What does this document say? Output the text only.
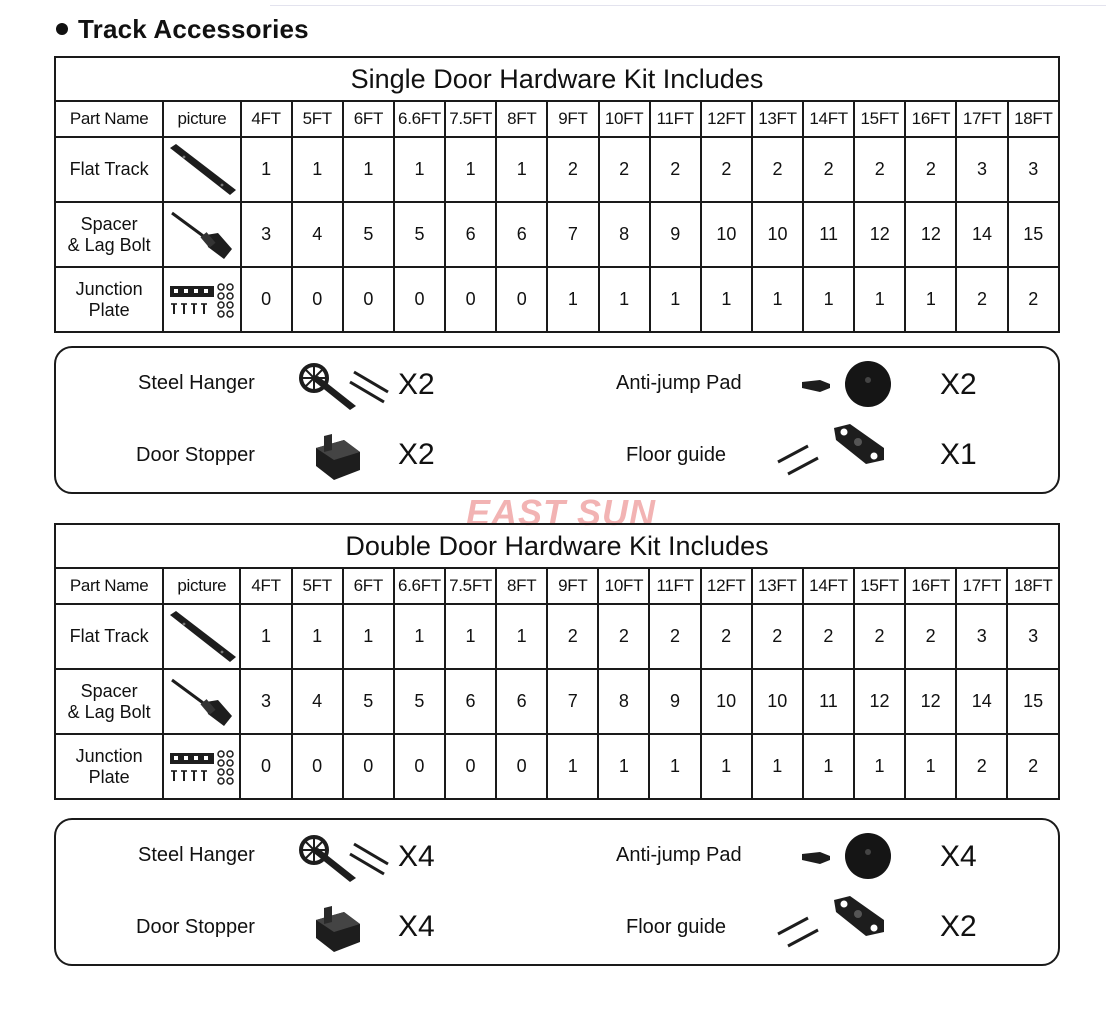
Track Accessories
Single Door Hardware Kit Includes																	
Part Name	picture	4FT	5FT	6FT	6.6FT	7.5FT	8FT	9FT	10FT	11FT	12FT	13FT	14FT	15FT	16FT	17FT	18FT
Flat Track		1	1	1	1	1	1	2	2	2	2	2	2	2	2	3	3
Spacer
& Lag Bolt		3	4	5	5	6	6	7	8	9	10	10	11	12	12	14	15
Junction
Plate		0	0	0	0	0	0	1	1	1	1	1	1	1	1	2	2
Steel Hanger	X2	Anti-jump Pad	X2
Door Stopper	X2	Floor guide	X1
EAST SUN
Double Door Hardware Kit Includes																	
Part Name	picture	4FT	5FT	6FT	6.6FT	7.5FT	8FT	9FT	10FT	11FT	12FT	13FT	14FT	15FT	16FT	17FT	18FT
Flat Track		1	1	1	1	1	1	2	2	2	2	2	2	2	2	3	3
Spacer
& Lag Bolt		3	4	5	5	6	6	7	8	9	10	10	11	12	12	14	15
Junction
Plate		0	0	0	0	0	0	1	1	1	1	1	1	1	1	2	2
Steel Hanger	X4	Anti-jump Pad	X4
Door Stopper	X4	Floor guide	X2
